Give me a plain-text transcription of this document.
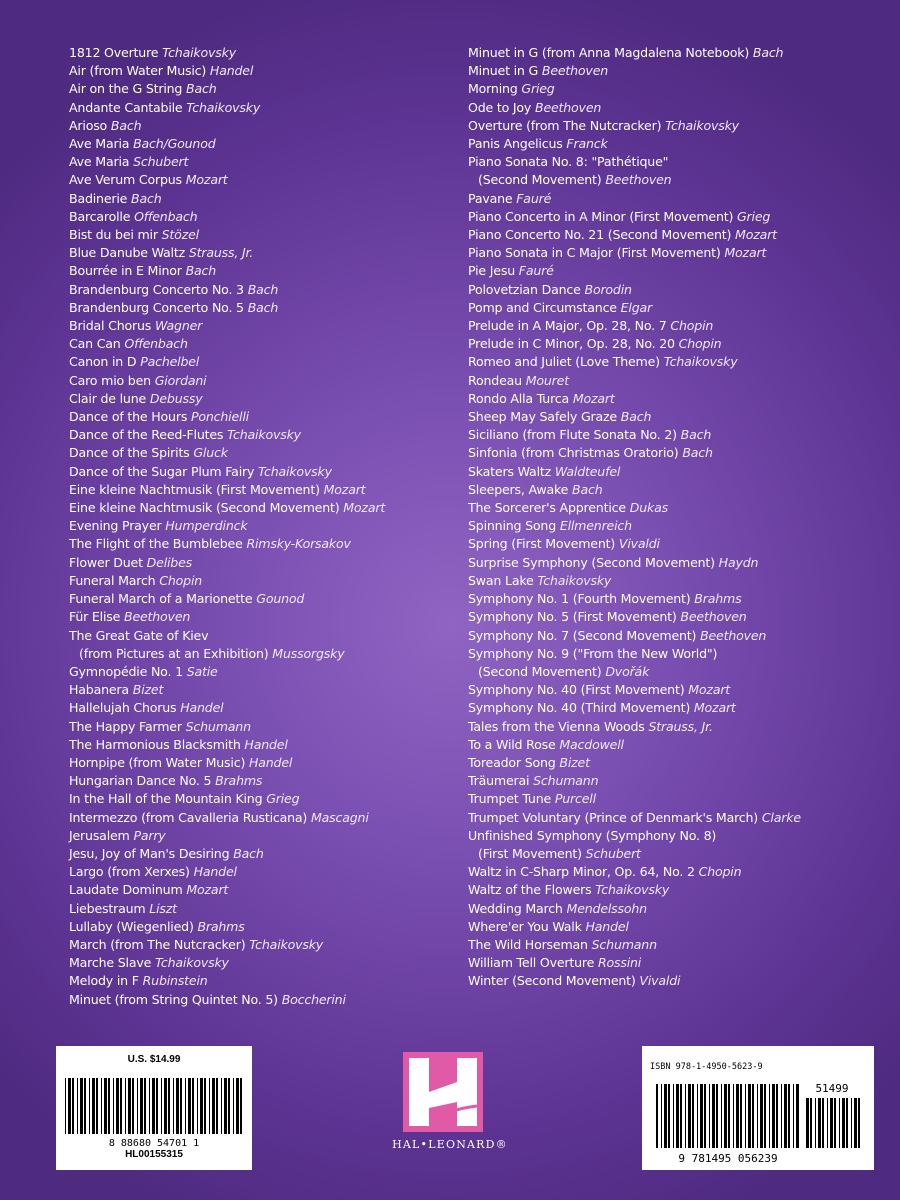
1812 Overture Tchaikovsky
Air (from Water Music) Handel
Air on the G String Bach
Andante Cantabile Tchaikovsky
Arioso Bach
Ave Maria Bach/Gounod
Ave Maria Schubert
Ave Verum Corpus Mozart
Badinerie Bach
Barcarolle Offenbach
Bist du bei mir Stözel
Blue Danube Waltz Strauss, Jr.
Bourrée in E Minor Bach
Brandenburg Concerto No. 3 Bach
Brandenburg Concerto No. 5 Bach
Bridal Chorus Wagner
Can Can Offenbach
Canon in D Pachelbel
Caro mio ben Giordani
Clair de lune Debussy
Dance of the Hours Ponchielli
Dance of the Reed-Flutes Tchaikovsky
Dance of the Spirits Gluck
Dance of the Sugar Plum Fairy Tchaikovsky
Eine kleine Nachtmusik (First Movement) Mozart
Eine kleine Nachtmusik (Second Movement) Mozart
Evening Prayer Humperdinck
The Flight of the Bumblebee Rimsky-Korsakov
Flower Duet Delibes
Funeral March Chopin
Funeral March of a Marionette Gounod
Für Elise Beethoven
The Great Gate of Kiev
(from Pictures at an Exhibition) Mussorgsky
Gymnopédie No. 1 Satie
Habanera Bizet
Hallelujah Chorus Handel
The Happy Farmer Schumann
The Harmonious Blacksmith Handel
Hornpipe (from Water Music) Handel
Hungarian Dance No. 5 Brahms
In the Hall of the Mountain King Grieg
Intermezzo (from Cavalleria Rusticana) Mascagni
Jerusalem Parry
Jesu, Joy of Man's Desiring Bach
Largo (from Xerxes) Handel
Laudate Dominum Mozart
Liebestraum Liszt
Lullaby (Wiegenlied) Brahms
March (from The Nutcracker) Tchaikovsky
Marche Slave Tchaikovsky
Melody in F Rubinstein
Minuet (from String Quintet No. 5) Boccherini
Minuet in G (from Anna Magdalena Notebook) Bach
Minuet in G Beethoven
Morning Grieg
Ode to Joy Beethoven
Overture (from The Nutcracker) Tchaikovsky
Panis Angelicus Franck
Piano Sonata No. 8: "Pathétique"
(Second Movement) Beethoven
Pavane Fauré
Piano Concerto in A Minor (First Movement) Grieg
Piano Concerto No. 21 (Second Movement) Mozart
Piano Sonata in C Major (First Movement) Mozart
Pie Jesu Fauré
Polovetzian Dance Borodin
Pomp and Circumstance Elgar
Prelude in A Major, Op. 28, No. 7 Chopin
Prelude in C Minor, Op. 28, No. 20 Chopin
Romeo and Juliet (Love Theme) Tchaikovsky
Rondeau Mouret
Rondo Alla Turca Mozart
Sheep May Safely Graze Bach
Siciliano (from Flute Sonata No. 2) Bach
Sinfonia (from Christmas Oratorio) Bach
Skaters Waltz Waldteufel
Sleepers, Awake Bach
The Sorcerer's Apprentice Dukas
Spinning Song Ellmenreich
Spring (First Movement) Vivaldi
Surprise Symphony (Second Movement) Haydn
Swan Lake Tchaikovsky
Symphony No. 1 (Fourth Movement) Brahms
Symphony No. 5 (First Movement) Beethoven
Symphony No. 7 (Second Movement) Beethoven
Symphony No. 9 ("From the New World")
(Second Movement) Dvořák
Symphony No. 40 (First Movement) Mozart
Symphony No. 40 (Third Movement) Mozart
Tales from the Vienna Woods Strauss, Jr.
To a Wild Rose Macdowell
Toreador Song Bizet
Träumerai Schumann
Trumpet Tune Purcell
Trumpet Voluntary (Prince of Denmark's March) Clarke
Unfinished Symphony (Symphony No. 8)
(First Movement) Schubert
Waltz in C-Sharp Minor, Op. 64, No. 2 Chopin
Waltz of the Flowers Tchaikovsky
Wedding March Mendelssohn
Where'er You Walk Handel
The Wild Horseman Schumann
William Tell Overture Rossini
Winter (Second Movement) Vivaldi
U.S. $14.99
8 88680 54701 1
HL00155315
HAL•LEONARD®
ISBN 978-1-4950-5623-9
51499
9 781495 056239
